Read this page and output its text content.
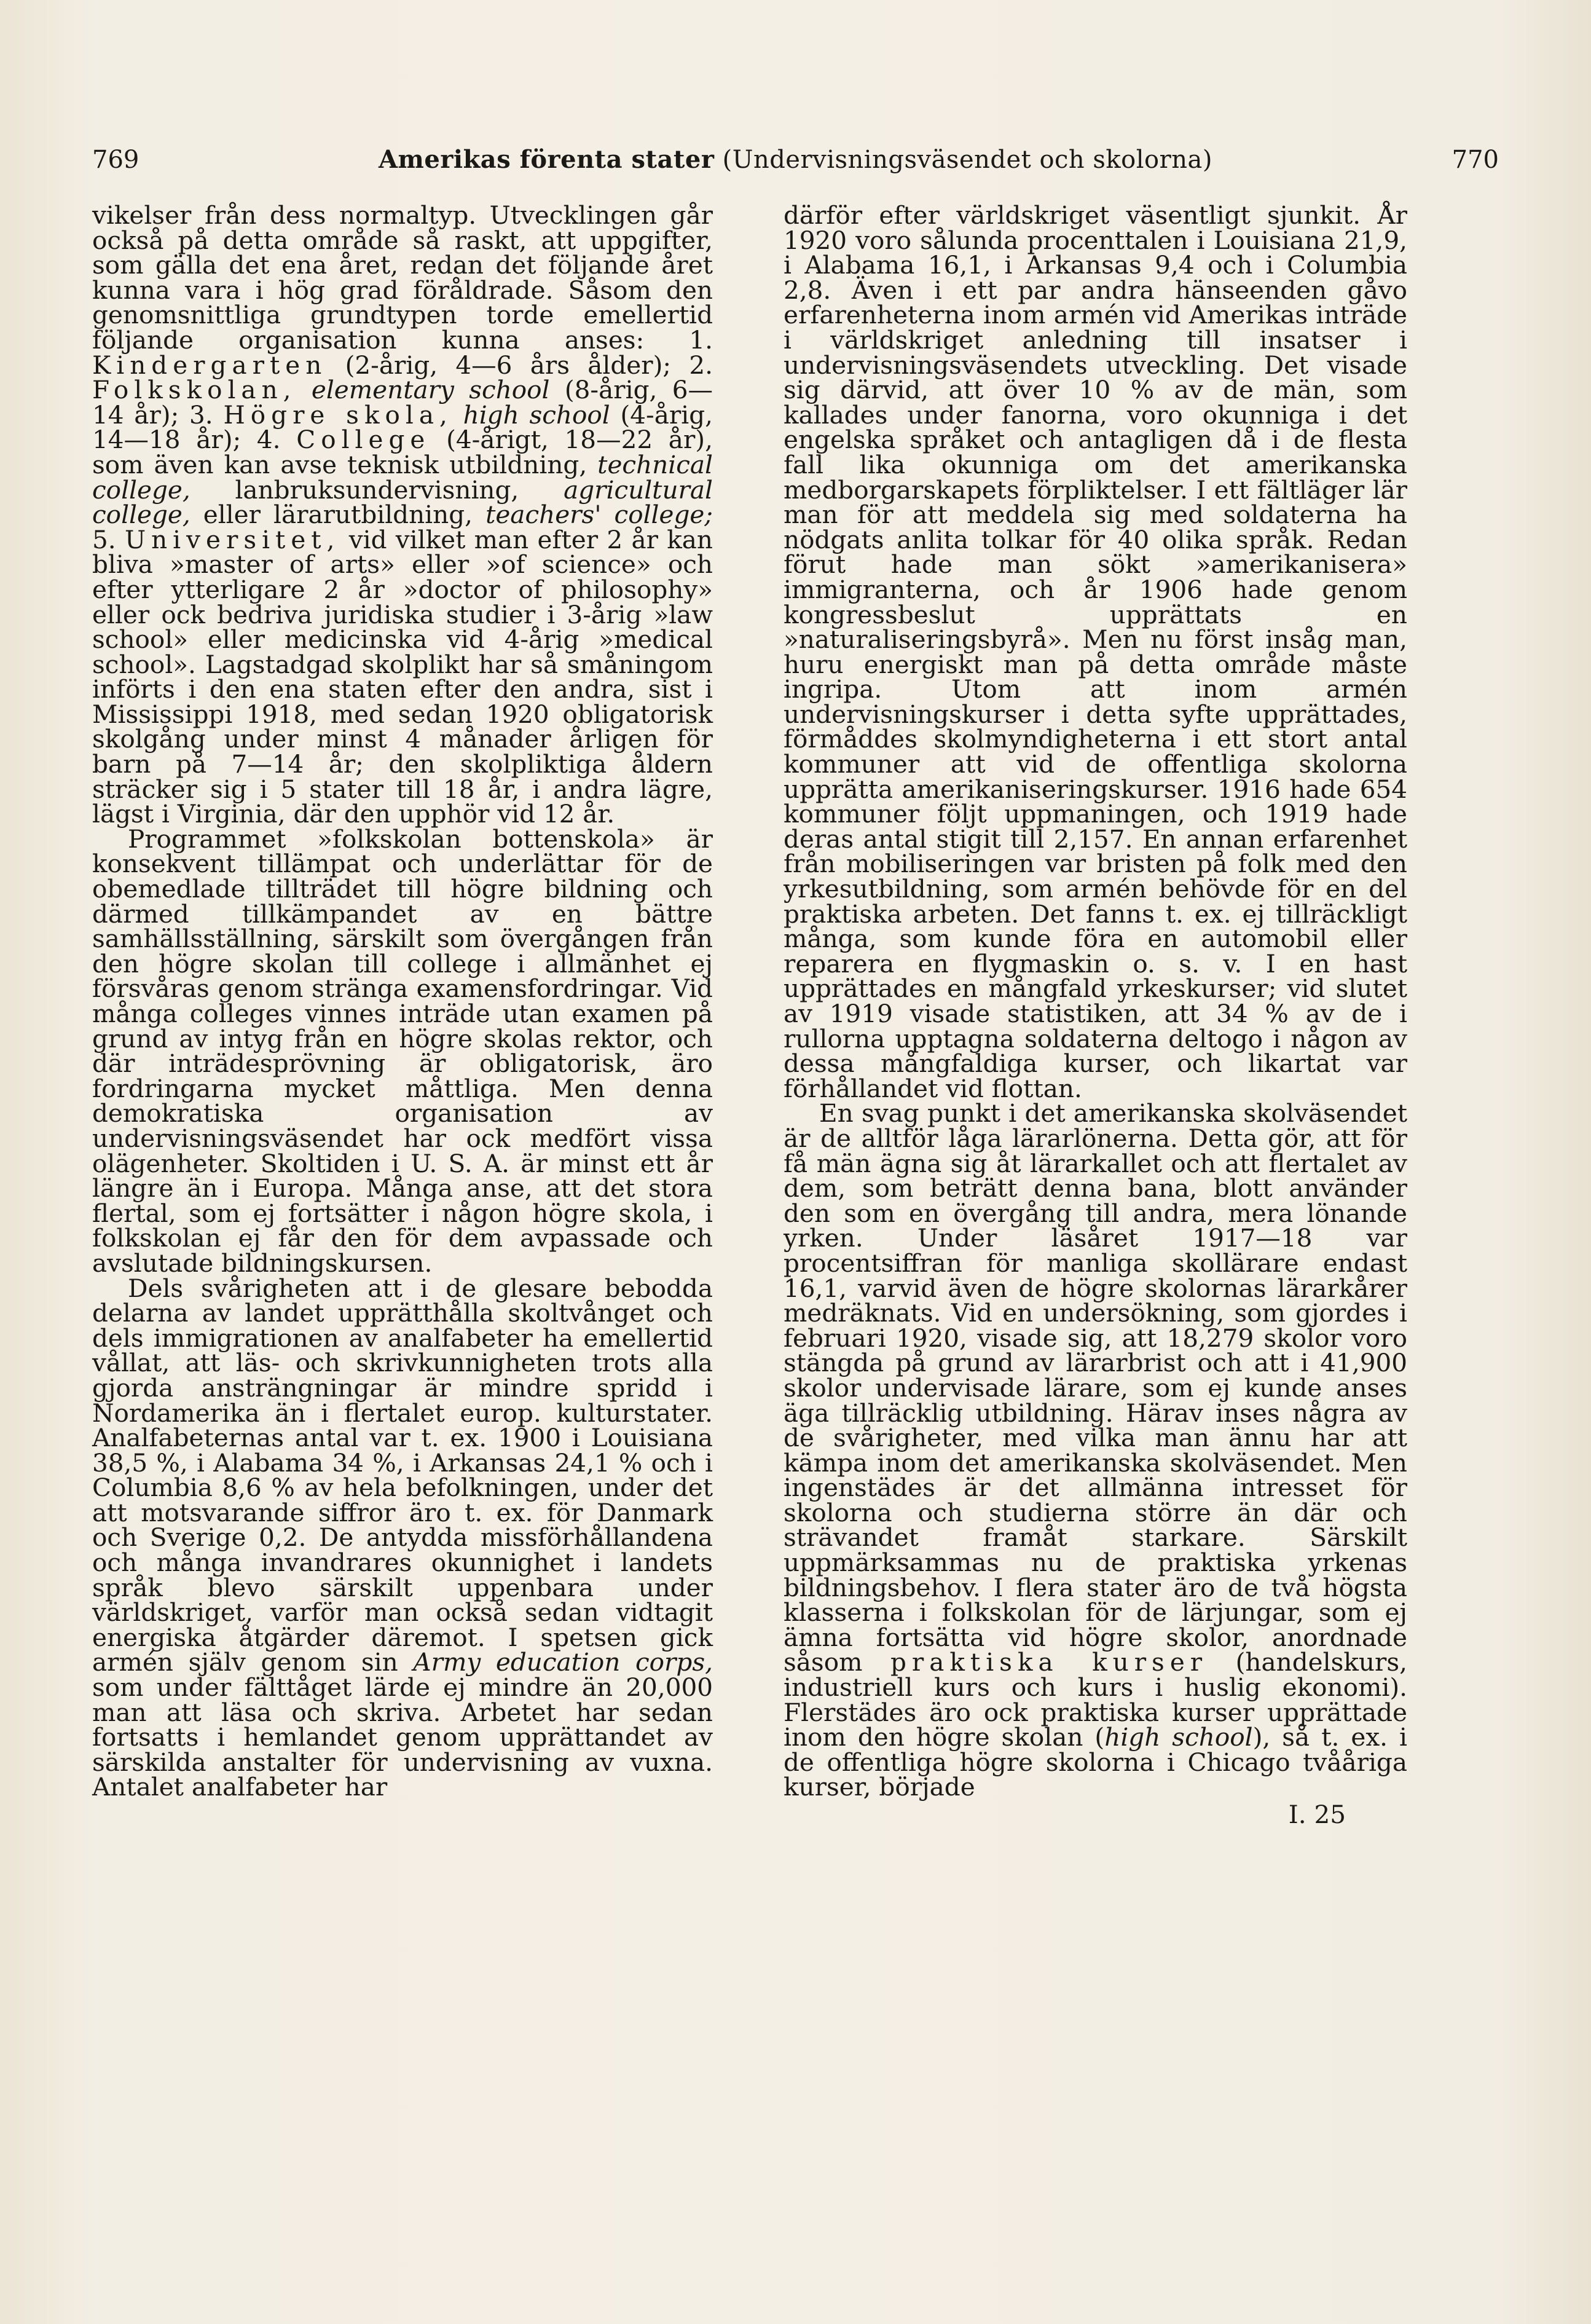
769	Amerikas förenta stater (Undervisningsväsendet och skolorna)	770

vikelser från dess normaltyp. Utvecklingen går också på detta område så raskt, att uppgifter, som gälla det ena året, redan det följande året kunna vara i hög grad föråldrade. Såsom den genomsnittliga grundtypen torde emellertid följande organisation kunna anses: 1. Kindergarten (2-årig, 4—6 års ålder); 2. Folkskolan, elementary school (8-årig, 6—14 år); 3. Högre skola, high school (4-årig, 14—18 år); 4. College (4-årigt, 18—22 år), som även kan avse teknisk utbildning, technical college, lanbruksundervisning, agricultural college, eller lärarutbildning, teachers' college; 5. Universitet, vid vilket man efter 2 år kan bliva »master of arts» eller »of science» och efter ytterligare 2 år »doctor of philosophy» eller ock bedriva juridiska studier i 3-årig »law school» eller medicinska vid 4-årig »medical school». Lagstadgad skolplikt har så småningom införts i den ena staten efter den andra, sist i Mississippi 1918, med sedan 1920 obligatorisk skolgång under minst 4 månader årligen för barn på 7—14 år; den skolpliktiga åldern sträcker sig i 5 stater till 18 år, i andra lägre, lägst i Virginia, där den upphör vid 12 år.

Programmet »folkskolan bottenskola» är konsekvent tillämpat och underlättar för de obemedlade tillträdet till högre bildning och därmed tillkämpandet av en bättre samhällsställning, särskilt som övergången från den högre skolan till college i allmänhet ej försvåras genom stränga examensfordringar. Vid många colleges vinnes inträde utan examen på grund av intyg från en högre skolas rektor, och där inträdesprövning är obligatorisk, äro fordringarna mycket måttliga. Men denna demokratiska organisation av undervisningsväsendet har ock medfört vissa olägenheter. Skoltiden i U. S. A. är minst ett år längre än i Europa. Många anse, att det stora flertal, som ej fortsätter i någon högre skola, i folkskolan ej får den för dem avpassade och avslutade bildningskursen.

Dels svårigheten att i de glesare bebodda delarna av landet upprätthålla skoltvånget och dels immigrationen av analfabeter ha emellertid vållat, att läs- och skrivkunnigheten trots alla gjorda ansträngningar är mindre spridd i Nordamerika än i flertalet europ. kulturstater. Analfabeternas antal var t. ex. 1900 i Louisiana 38,5 %, i Alabama 34 %, i Arkansas 24,1 % och i Columbia 8,6 % av hela befolkningen, under det att motsvarande siffror äro t. ex. för Danmark och Sverige 0,2. De antydda missförhållandena och många invandrares okunnighet i landets språk blevo särskilt uppenbara under världskriget, varför man också sedan vidtagit energiska åtgärder däremot. I spetsen gick armén själv genom sin Army education corps, som under fälttåget lärde ej mindre än 20,000 man att läsa och skriva. Arbetet har sedan fortsatts i hemlandet genom upprättandet av särskilda anstalter för undervisning av vuxna. Antalet analfabeter har

därför efter världskriget väsentligt sjunkit. År 1920 voro sålunda procenttalen i Louisiana 21,9, i Alabama 16,1, i Arkansas 9,4 och i Columbia 2,8. Även i ett par andra hänseenden gåvo erfarenheterna inom armén vid Amerikas inträde i världskriget anledning till insatser i undervisningsväsendets utveckling. Det visade sig därvid, att över 10 % av de män, som kallades under fanorna, voro okunniga i det engelska språket och antagligen då i de flesta fall lika okunniga om det amerikanska medborgarskapets förpliktelser. I ett fältläger lär man för att meddela sig med soldaterna ha nödgats anlita tolkar för 40 olika språk. Redan förut hade man sökt »amerikanisera» immigranterna, och år 1906 hade genom kongressbeslut upprättats en »naturaliseringsbyrå». Men nu först insåg man, huru energiskt man på detta område måste ingripa. Utom att inom armén undervisningskurser i detta syfte upprättades, förmåddes skolmyndigheterna i ett stort antal kommuner att vid de offentliga skolorna upprätta amerikaniseringskurser. 1916 hade 654 kommuner följt uppmaningen, och 1919 hade deras antal stigit till 2,157. En annan erfarenhet från mobiliseringen var bristen på folk med den yrkesutbildning, som armén behövde för en del praktiska arbeten. Det fanns t. ex. ej tillräckligt många, som kunde föra en automobil eller reparera en flygmaskin o. s. v. I en hast upprättades en mångfald yrkeskurser; vid slutet av 1919 visade statistiken, att 34 % av de i rullorna upptagna soldaterna deltogo i någon av dessa mångfaldiga kurser, och likartat var förhållandet vid flottan.

En svag punkt i det amerikanska skolväsendet är de alltför låga lärarlönerna. Detta gör, att för få män ägna sig åt lärarkallet och att flertalet av dem, som beträtt denna bana, blott använder den som en övergång till andra, mera lönande yrken. Under läsåret 1917—18 var procentsiffran för manliga skollärare endast 16,1, varvid även de högre skolornas lärarkårer medräknats. Vid en undersökning, som gjordes i februari 1920, visade sig, att 18,279 skolor voro stängda på grund av lärarbrist och att i 41,900 skolor undervisade lärare, som ej kunde anses äga tillräcklig utbildning. Härav inses några av de svårigheter, med vilka man ännu har att kämpa inom det amerikanska skolväsendet. Men ingenstädes är det allmänna intresset för skolorna och studierna större än där och strävandet framåt starkare. Särskilt uppmärksammas nu de praktiska yrkenas bildningsbehov. I flera stater äro de två högsta klasserna i folkskolan för de lärjungar, som ej ämna fortsätta vid högre skolor, anordnade såsom praktiska kurser (handelskurs, industriell kurs och kurs i huslig ekonomi). Flerstädes äro ock praktiska kurser upprättade inom den högre skolan (high school), så t. ex. i de offentliga högre skolorna i Chicago tvååriga kurser, började

I. 25
